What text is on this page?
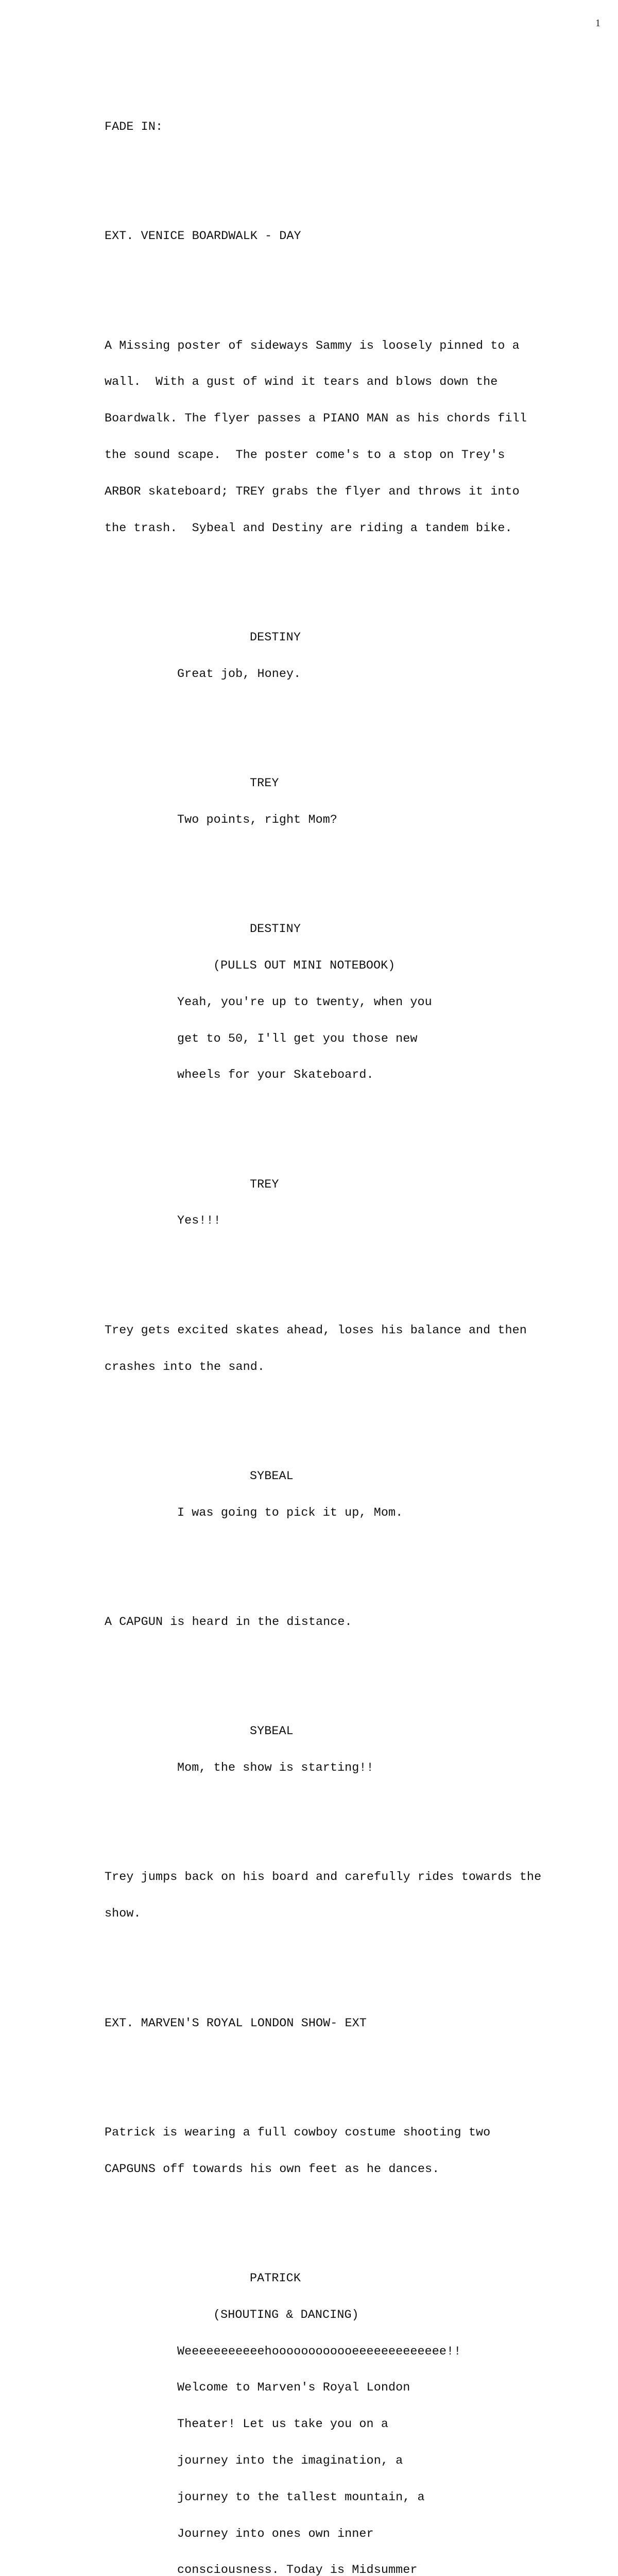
1

FADE IN:

EXT. VENICE BOARDWALK - DAY

A Missing poster of sideways Sammy is loosely pinned to a

wall.  With a gust of wind it tears and blows down the

Boardwalk. The flyer passes a PIANO MAN as his chords fill

the sound scape.  The poster come's to a stop on Trey's

ARBOR skateboard; TREY grabs the flyer and throws it into

the trash.  Sybeal and Destiny are riding a tandem bike.

DESTINY

Great job, Honey.

TREY

Two points, right Mom?

DESTINY

(PULLS OUT MINI NOTEBOOK)

Yeah, you're up to twenty, when you

get to 50, I'll get you those new

wheels for your Skateboard.

TREY

Yes!!!

Trey gets excited skates ahead, loses his balance and then

crashes into the sand.

SYBEAL

I was going to pick it up, Mom.

A CAPGUN is heard in the distance.

SYBEAL

Mom, the show is starting!!

Trey jumps back on his board and carefully rides towards the

show.

EXT. MARVEN'S ROYAL LONDON SHOW- EXT

Patrick is wearing a full cowboy costume shooting two

CAPGUNS off towards his own feet as he dances.

PATRICK

(SHOUTING & DANCING)

Weeeeeeeeeeehoooooooooooeeeeeeeeeeeee!!

Welcome to Marven's Royal London

Theater! Let us take you on a

journey into the imagination, a

journey to the tallest mountain, a

Journey into ones own inner

consciousness. Today is Midsummer
